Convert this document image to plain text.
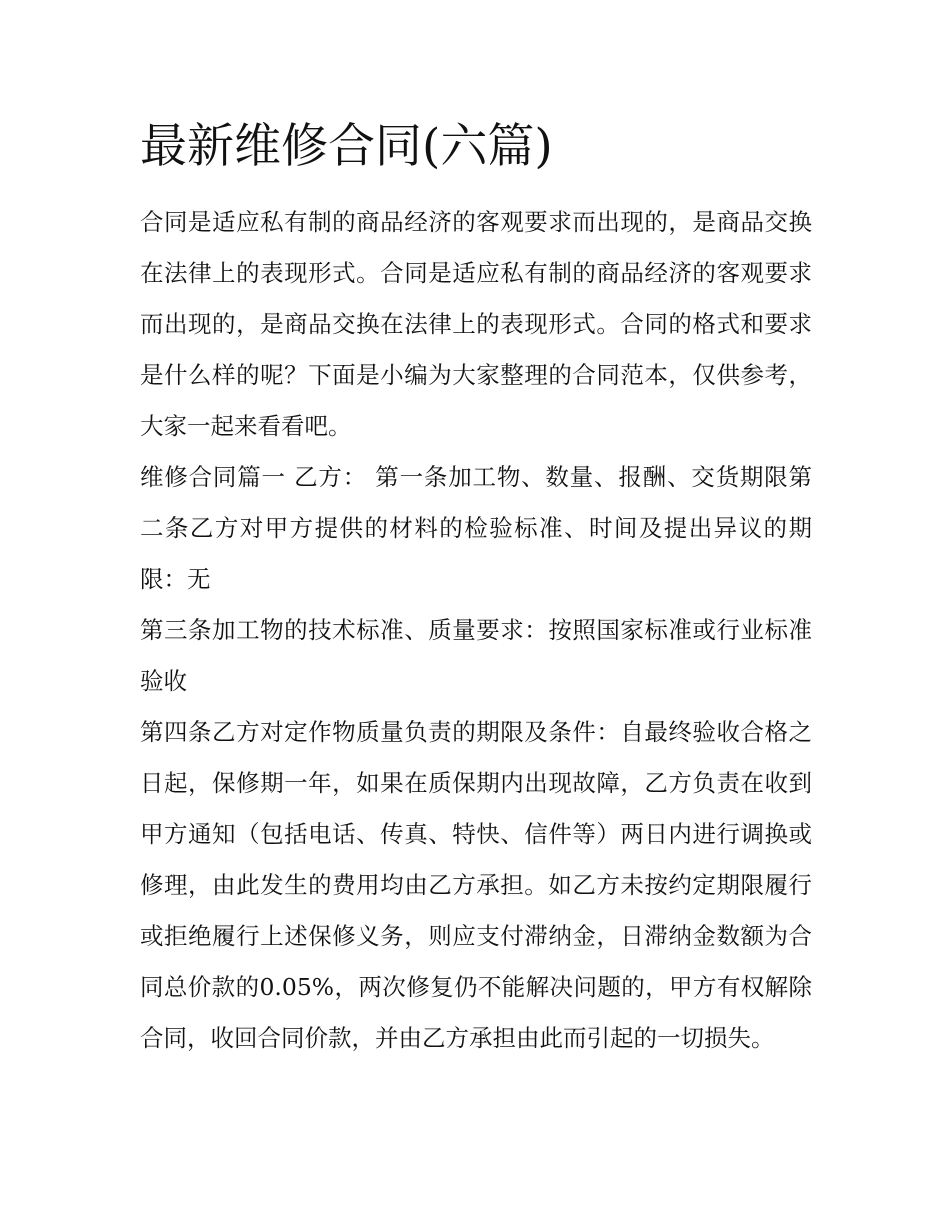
最新维修合同(六篇)

合同是适应私有制的商品经济的客观要求而出现的，是商品交换在法律上的表现形式。合同是适应私有制的商品经济的客观要求而出现的，是商品交换在法律上的表现形式。合同的格式和要求是什么样的呢？下面是小编为大家整理的合同范本，仅供参考，大家一起来看看吧。

维修合同篇一 乙方： 第一条加工物、数量、报酬、交货期限第二条乙方对甲方提供的材料的检验标准、时间及提出异议的期限：无

第三条加工物的技术标准、质量要求：按照国家标准或行业标准验收

第四条乙方对定作物质量负责的期限及条件：自最终验收合格之日起，保修期一年，如果在质保期内出现故障，乙方负责在收到甲方通知（包括电话、传真、特快、信件等）两日内进行调换或修理，由此发生的费用均由乙方承担。如乙方未按约定期限履行或拒绝履行上述保修义务，则应支付滞纳金，日滞纳金数额为合同总价款的0.05%，两次修复仍不能解决问题的，甲方有权解除合同，收回合同价款，并由乙方承担由此而引起的一切损失。
